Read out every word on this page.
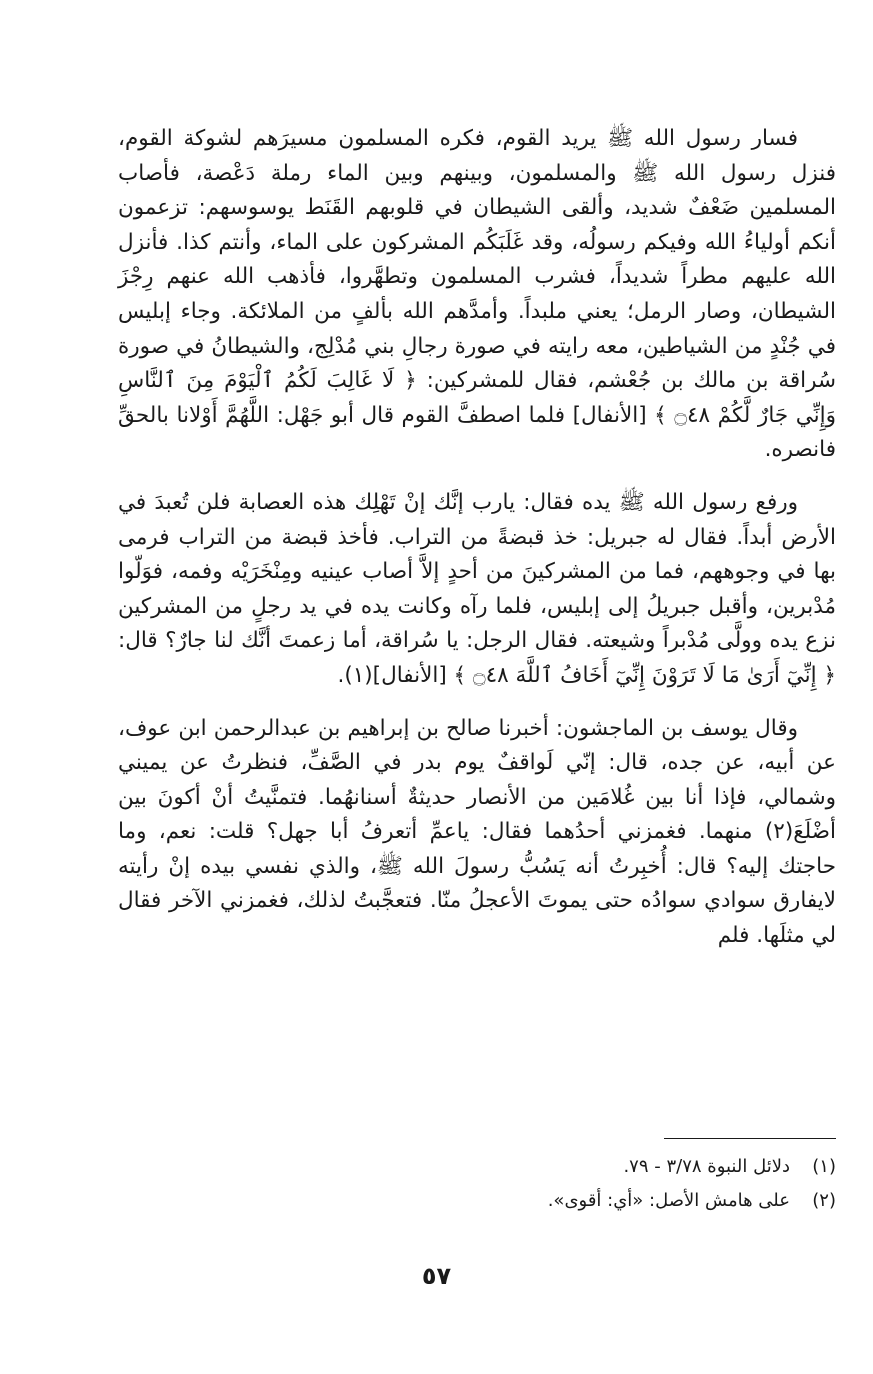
فسار رسول الله ﷺ يريد القوم، فكره المسلمون مسيرَهم لشوكة القوم، فنزل رسول الله ﷺ والمسلمون، وبينهم وبين الماء رملة دَعْصة، فأصاب المسلمين ضَعْفٌ شديد، وألقى الشيطان في قلوبهم القَنَط يوسوسهم: تزعمون أنكم أولياءُ الله وفيكم رسولُه، وقد غَلَبَكُم المشركون على الماء، وأنتم كذا. فأنزل الله عليهم مطراً شديداً، فشرب المسلمون وتطهَّروا، فأذهب الله عنهم رِجْزَ الشيطان، وصار الرمل؛ يعني ملبداً. وأمدَّهم الله بألفٍ من الملائكة. وجاء إبليس في جُنْدٍ من الشياطين، معه رايته في صورة رجالِ بني مُدْلِج، والشيطانُ في صورة سُراقة بن مالك بن جُعْشم، فقال للمشركين: ﴿ لَا غَالِبَ لَكُمُ ٱلْيَوْمَ مِنَ ٱلنَّاسِ وَإِنِّي جَارٌ لَّكُمْ ۝٤٨ ﴾ [الأنفال] فلما اصطفَّ القوم قال أبو جَهْل: اللَّهُمَّ أَوْلانا بالحقِّ فانصره.

ورفع رسول الله ﷺ يده فقال: يارب إنَّك إنْ تَهْلِك هذه العصابة فلن تُعبدَ في الأرض أبداً. فقال له جبريل: خذ قبضةً من التراب. فأخذ قبضة من التراب فرمى بها في وجوههم، فما من المشركينَ من أحدٍ إلاَّ أصاب عينيه ومِنْخَرَيْه وفمه، فوَلّوا مُدْبرين، وأقبل جبريلُ إلى إبليس، فلما رآه وكانت يده في يد رجلٍ من المشركين نزع يده وولَّى مُدْبراً وشيعته. فقال الرجل: يا سُراقة، أما زعمتَ أنَّك لنا جارٌ؟ قال: ﴿ إِنِّيٓ أَرَىٰ مَا لَا تَرَوْنَ إِنِّيٓ أَخَافُ ٱللَّهَ ۝٤٨ ﴾ [الأنفال](١).

وقال يوسف بن الماجشون: أخبرنا صالح بن إبراهيم بن عبدالرحمن ابن عوف، عن أبيه، عن جده، قال: إنّي لَواقفٌ يوم بدر في الصَّفِّ، فنظرتُ عن يميني وشمالي، فإذا أنا بين غُلامَين من الأنصار حديثةٌ أسنانهُما. فتمنَّيتُ أنْ أكونَ بين أضْلَعَ(٢) منهما. فغمزني أحدُهما فقال: ياعمِّ أتعرفُ أبا جهل؟ قلت: نعم، وما حاجتك إليه؟ قال: أُخبِرتُ أنه يَسُبُّ رسولَ الله ﷺ، والذي نفسي بيده إنْ رأيته لايفارق سوادي سوادُه حتى يموتَ الأعجلُ منّا. فتعجَّبتُ لذلك، فغمزني الآخر فقال لي مثلَها. فلم

(١)دلائل النبوة ٣/٧٨ - ٧٩.
(٢)على هامش الأصل: «أي: أقوى».
٥٧
